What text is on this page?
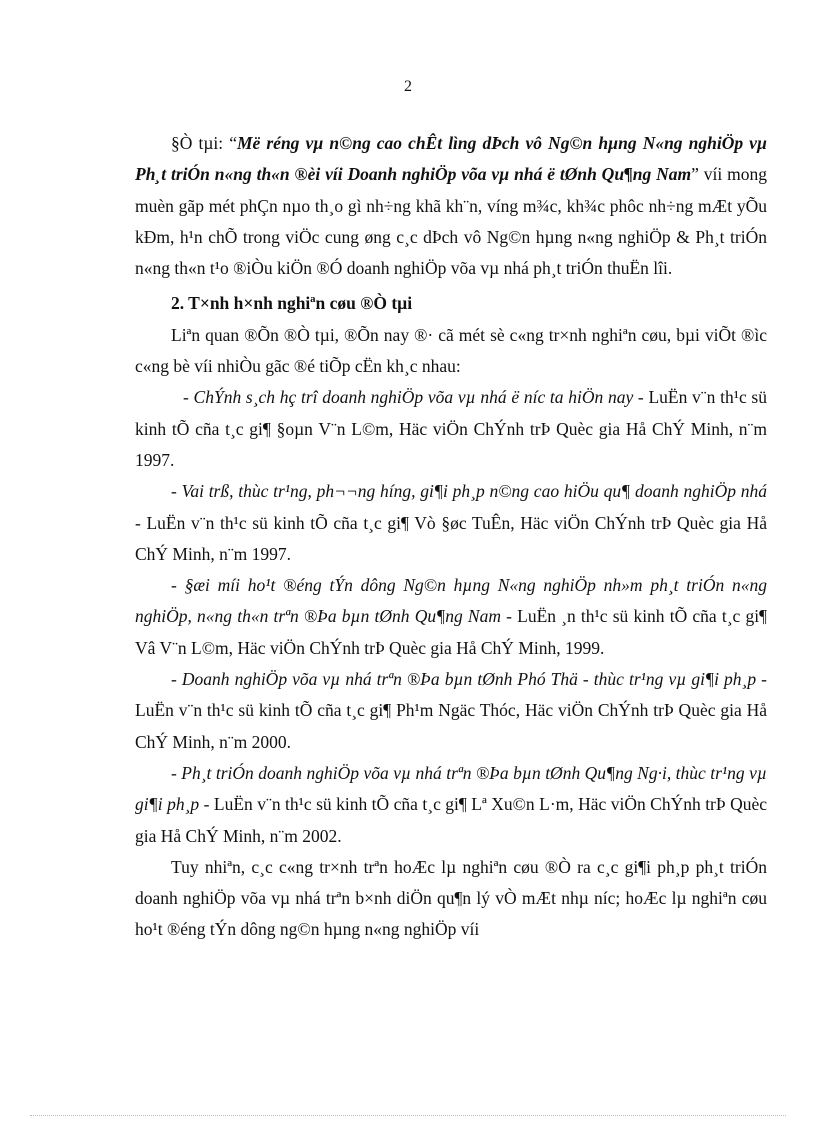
2

§Ò tµi: “Më réng vµ n©ng cao chÊt lìng dÞch vô Ng©n hµng N«ng nghiÖp vµ Ph¸t triÓn n«ng th«n ®èi víi Doanh nghiÖp võa vµ nhá ë tØnh Qu¶ng Nam” víi mong muèn gãp mét phÇn nµo th¸o gì nh÷ng khã kh¨n, víng m¾c, kh¾c phôc nh÷ng mÆt yÕu kÐm, h¹n chÕ trong viÖc cung øng c¸c dÞch vô Ng©n hµng n«ng nghiÖp & Ph¸t triÓn n«ng th«n t¹o ®iÒu kiÖn ®Ó doanh nghiÖp võa vµ nhá ph¸t triÓn thuËn lîi.

2. T×nh h×nh nghiªn cøu ®Ò tµi

Liªn quan ®Õn ®Ò tµi, ®Õn nay ®· cã mét sè c«ng tr×nh nghiªn cøu, bµi viÕt ®ìc c«ng bè víi nhiÒu gãc ®é tiÕp cËn kh¸c nhau:

- ChÝnh s¸ch hç trî doanh nghiÖp võa vµ nhá ë níc ta hiÖn nay - LuËn v¨n th¹c sü kinh tÕ cña t¸c gi¶ §oµn V¨n L©m, Häc viÖn ChÝnh trÞ Quèc gia Hå ChÝ Minh, n¨m 1997.

- Vai trß, thùc tr¹ng, ph¬¬ng híng, gi¶i ph¸p n©ng cao hiÖu qu¶ doanh nghiÖp nhá - LuËn v¨n th¹c sü kinh tÕ cña t¸c gi¶ Vò §øc TuÊn, Häc viÖn ChÝnh trÞ Quèc gia Hå ChÝ Minh, n¨m 1997.

- §æi míi ho¹t ®éng tÝn dông Ng©n hµng N«ng nghiÖp nh»m ph¸t triÓn n«ng nghiÖp, n«ng th«n trªn ®Þa bµn tØnh Qu¶ng Nam - LuËn ¸n th¹c sü kinh tÕ cña t¸c gi¶ Vâ V¨n L©m, Häc viÖn ChÝnh trÞ Quèc gia Hå ChÝ Minh, 1999.

- Doanh nghiÖp võa vµ nhá trªn ®Þa bµn tØnh Phó Thä - thùc tr¹ng vµ gi¶i ph¸p - LuËn v¨n th¹c sü kinh tÕ cña t¸c gi¶ Ph¹m Ngäc Thóc, Häc viÖn ChÝnh trÞ Quèc gia Hå ChÝ Minh, n¨m 2000.

- Ph¸t triÓn doanh nghiÖp võa vµ nhá trªn ®Þa bµn tØnh Qu¶ng Ng·i, thùc tr¹ng vµ gi¶i ph¸p - LuËn v¨n th¹c sü kinh tÕ cña t¸c gi¶ Lª Xu©n L·m, Häc viÖn ChÝnh trÞ Quèc gia Hå ChÝ Minh, n¨m 2002.

Tuy nhiªn, c¸c c«ng tr×nh trªn hoÆc lµ nghiªn cøu ®Ò ra c¸c gi¶i ph¸p ph¸t triÓn doanh nghiÖp võa vµ nhá trªn b×nh diÖn qu¶n lý vÒ mÆt nhµ níc; hoÆc lµ nghiªn cøu ho¹t ®éng tÝn dông ng©n hµng n«ng nghiÖp víi
